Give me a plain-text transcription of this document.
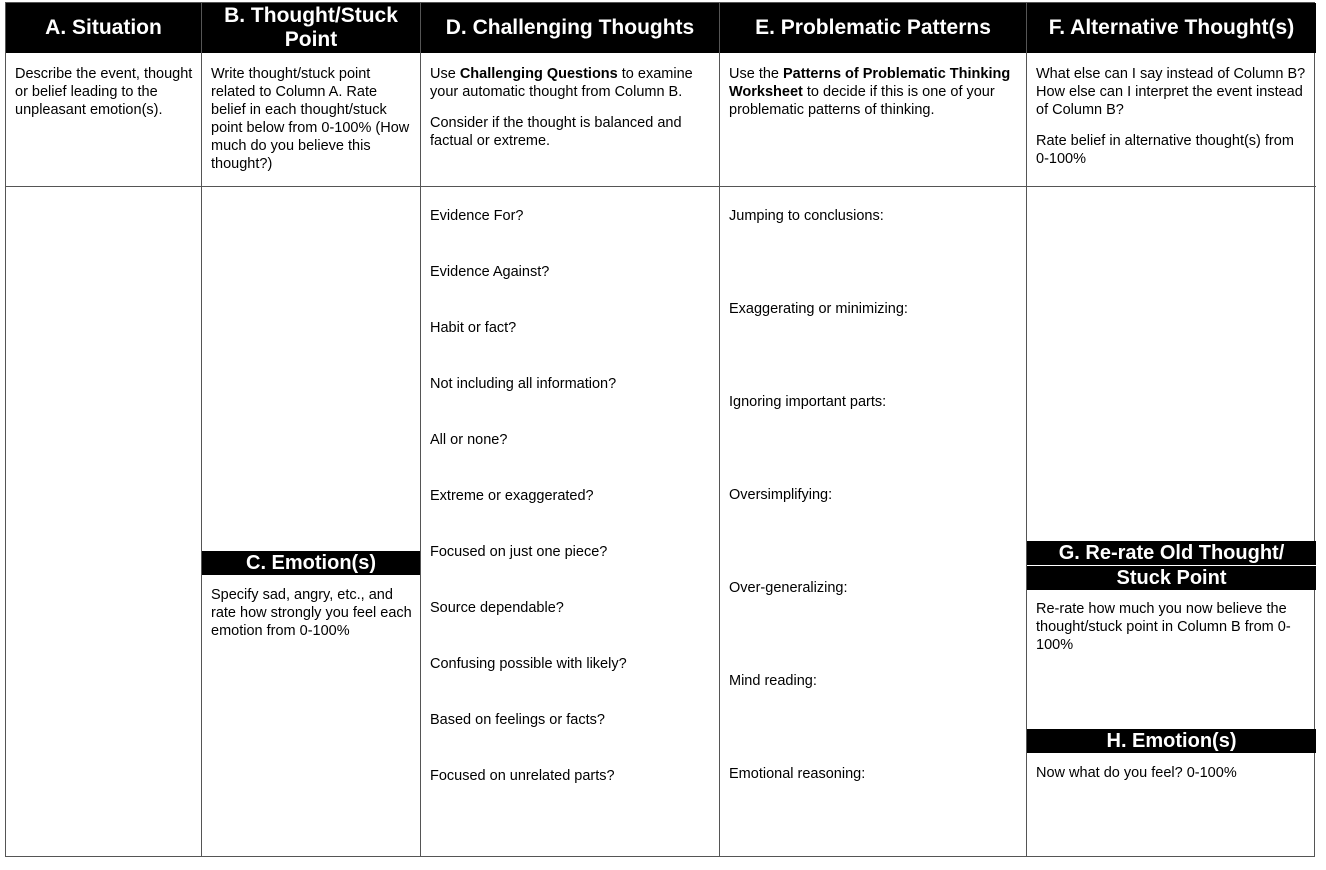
A. Situation

Describe the event, thought or belief leading to the unpleasant emotion(s).

B. Thought/Stuck Point

Write thought/stuck point related to Column A. Rate belief in each thought/stuck point below from 0-100% (How much do you believe this thought?)

C. Emotion(s)
Specify sad, angry, etc., and rate how strongly you feel each emotion from 0-100%
D. Challenging Thoughts

Use Challenging Questions to examine your automatic thought from Column B.

Consider if the thought is balanced and factual or extreme.

Evidence For?
Evidence Against?
Habit or fact?
Not including all information?
All or none?
Extreme or exaggerated?
Focused on just one piece?
Source dependable?
Confusing possible with likely?
Based on feelings or facts?
Focused on unrelated parts?
E. Problematic Patterns

Use the Patterns of Problematic Thinking Worksheet to decide if this is one of your problematic patterns of thinking.

Jumping to conclusions:
Exaggerating or minimizing:
Ignoring important parts:
Oversimplifying:
Over-generalizing:
Mind reading:
Emotional reasoning:
F. Alternative Thought(s)

What else can I say instead of Column B? How else can I interpret the event instead of Column B?

Rate belief in alternative thought(s) from 0-100%

G. Re-rate Old Thought/
Stuck Point
Re-rate how much you now believe the thought/stuck point in Column B from 0-100%
H. Emotion(s)
Now what do you feel? 0-100%
